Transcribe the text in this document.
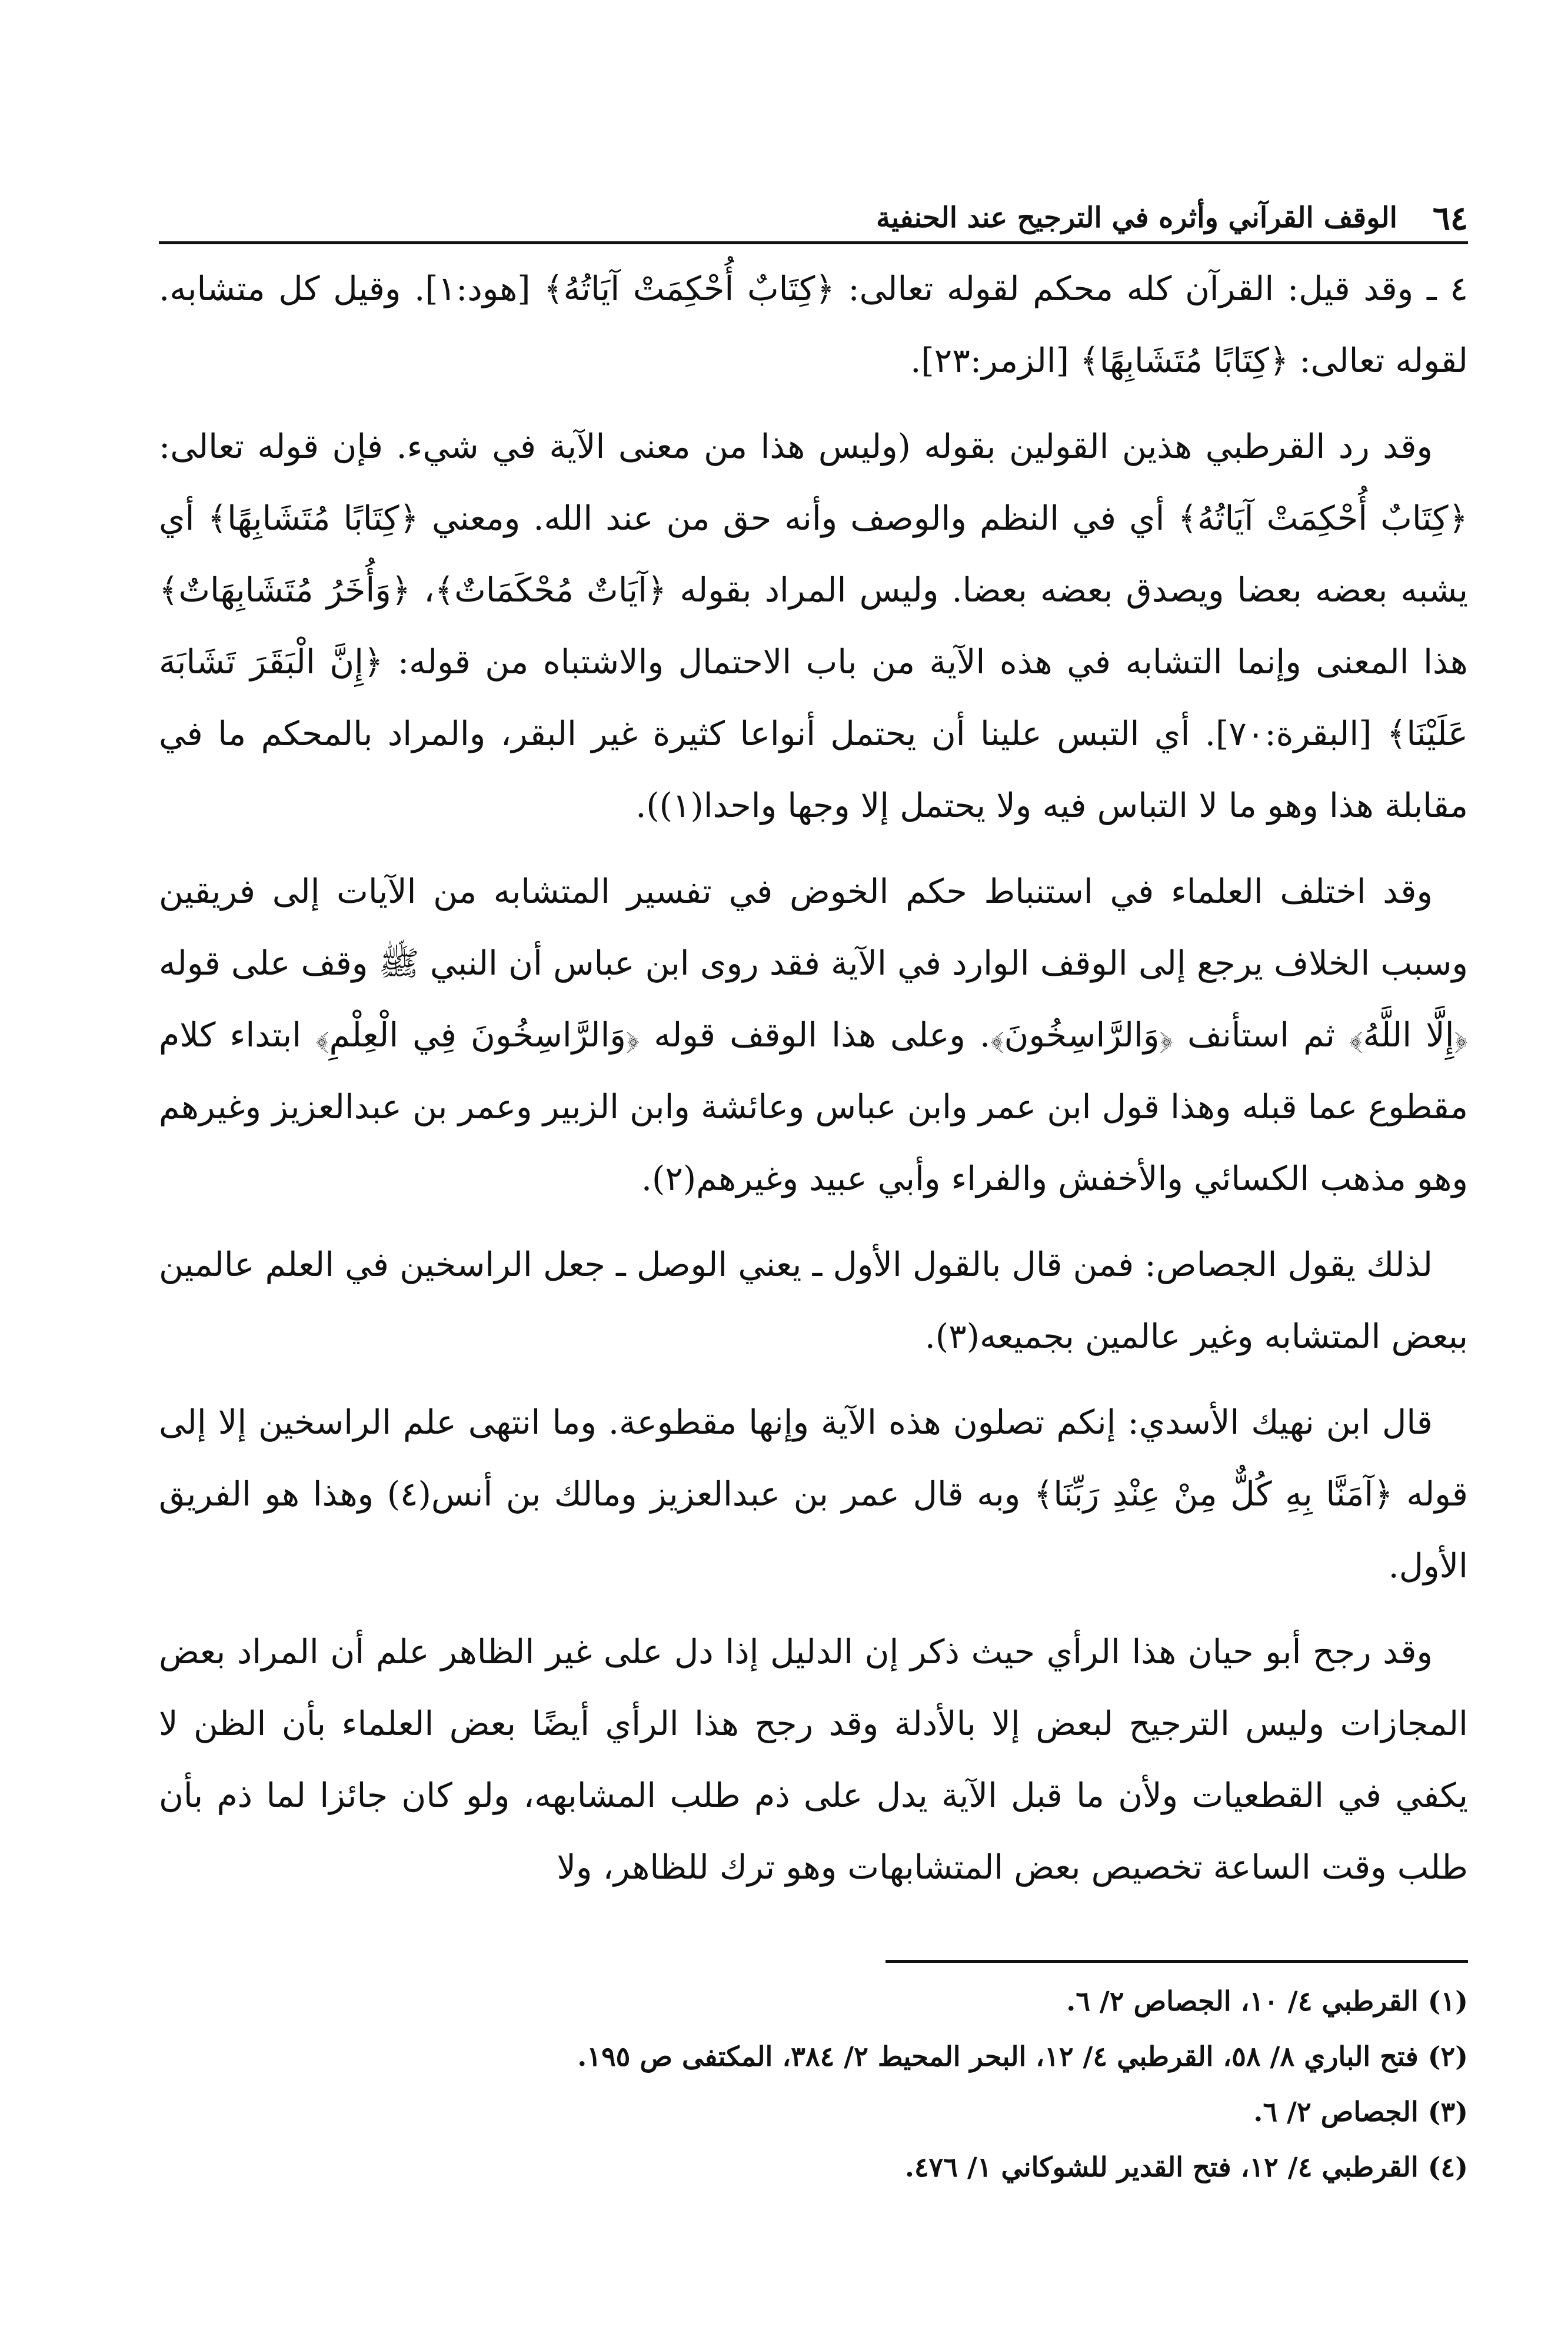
٦٤
الوقف القرآني وأثره في الترجيح عند الحنفية

٤ ـ وقد قيل: القرآن كله محكم لقوله تعالى: ﴿كِتَابٌ أُحْكِمَتْ آيَاتُهُ﴾ [هود:١]. وقيل كل متشابه. لقوله تعالى: ﴿كِتَابًا مُتَشَابِهًا﴾ [الزمر:٢٣].

وقد رد القرطبي هذين القولين بقوله (وليس هذا من معنى الآية في شيء. فإن قوله تعالى: ﴿كِتَابٌ أُحْكِمَتْ آيَاتُهُ﴾ أي في النظم والوصف وأنه حق من عند الله. ومعني ﴿كِتَابًا مُتَشَابِهًا﴾ أي يشبه بعضه بعضا ويصدق بعضه بعضا. وليس المراد بقوله ﴿آيَاتٌ مُحْكَمَاتٌ﴾، ﴿وَأُخَرُ مُتَشَابِهَاتٌ﴾ هذا المعنى وإنما التشابه في هذه الآية من باب الاحتمال والاشتباه من قوله: ﴿إِنَّ الْبَقَرَ تَشَابَهَ عَلَيْنَا﴾ [البقرة:٧٠]. أي التبس علينا أن يحتمل أنواعا كثيرة غير البقر، والمراد بالمحكم ما في مقابلة هذا وهو ما لا التباس فيه ولا يحتمل إلا وجها واحدا(١)).

وقد اختلف العلماء في استنباط حكم الخوض في تفسير المتشابه من الآيات إلى فريقين وسبب الخلاف يرجع إلى الوقف الوارد في الآية فقد روى ابن عباس أن النبي ﷺ وقف على قوله ﴿إِلَّا اللَّهُ﴾ ثم استأنف ﴿وَالرَّاسِخُونَ﴾. وعلى هذا الوقف قوله ﴿وَالرَّاسِخُونَ فِي الْعِلْمِ﴾ ابتداء كلام مقطوع عما قبله وهذا قول ابن عمر وابن عباس وعائشة وابن الزبير وعمر بن عبدالعزيز وغيرهم وهو مذهب الكسائي والأخفش والفراء وأبي عبيد وغيرهم(٢).

لذلك يقول الجصاص: فمن قال بالقول الأول ـ يعني الوصل ـ جعل الراسخين في العلم عالمين ببعض المتشابه وغير عالمين بجميعه(٣).

قال ابن نهيك الأسدي: إنكم تصلون هذه الآية وإنها مقطوعة. وما انتهى علم الراسخين إلا إلى قوله ﴿آمَنَّا بِهِ كُلٌّ مِنْ عِنْدِ رَبِّنَا﴾ وبه قال عمر بن عبدالعزيز ومالك بن أنس(٤) وهذا هو الفريق الأول.

وقد رجح أبو حيان هذا الرأي حيث ذكر إن الدليل إذا دل على غير الظاهر علم أن المراد بعض المجازات وليس الترجيح لبعض إلا بالأدلة وقد رجح هذا الرأي أيضًا بعض العلماء بأن الظن لا يكفي في القطعيات ولأن ما قبل الآية يدل على ذم طلب المشابهه، ولو كان جائزا لما ذم بأن طلب وقت الساعة تخصيص بعض المتشابهات وهو ترك للظاهر، ولا

(١) القرطبي ٤/ ١٠، الجصاص ٢/ ٦.
(٢) فتح الباري ٨/ ٥٨، القرطبي ٤/ ١٢، البحر المحيط ٢/ ٣٨٤، المكتفى ص ١٩٥.
(٣) الجصاص ٢/ ٦.
(٤) القرطبي ٤/ ١٢، فتح القدير للشوكاني ١/ ٤٧٦.
